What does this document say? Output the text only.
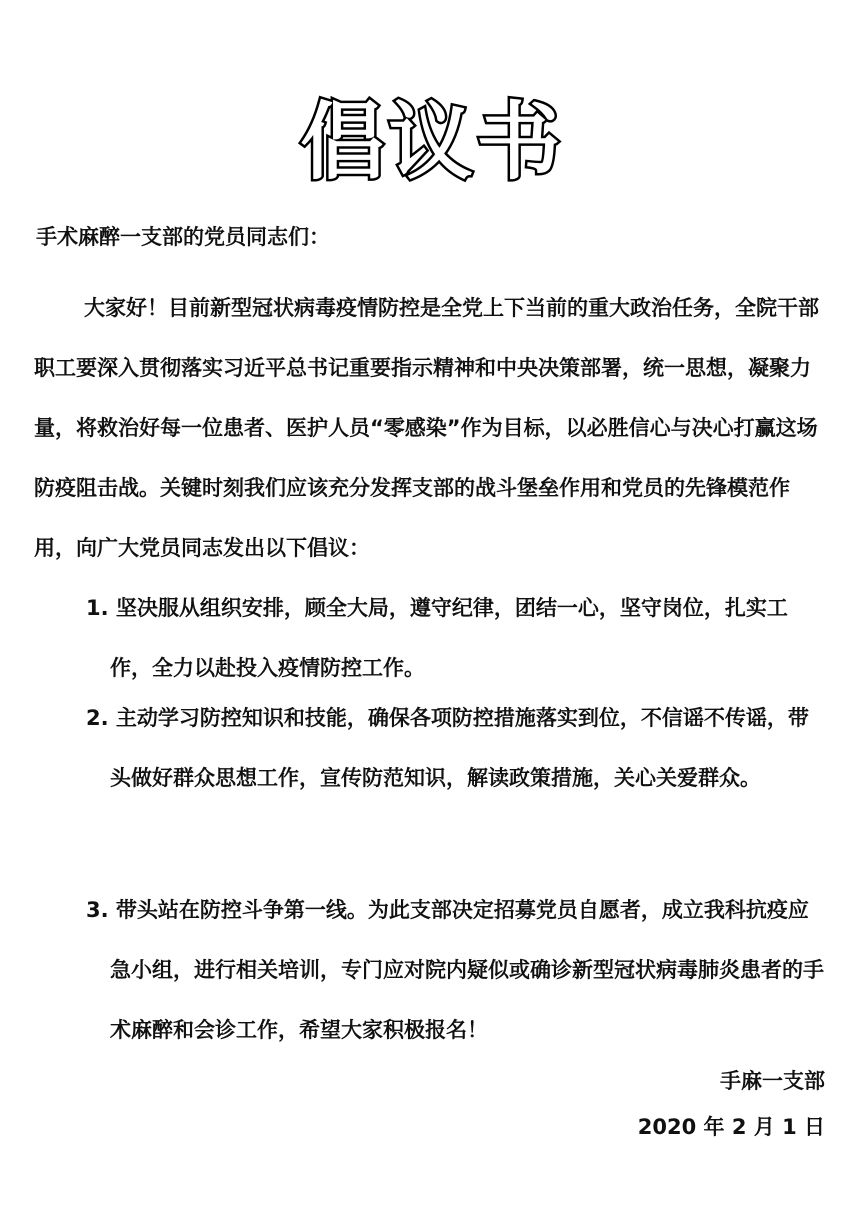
倡议书
手术麻醉一支部的党员同志们：

大家好！目前新型冠状病毒疫情防控是全党上下当前的重大政治任务，全院干部职工要深入贯彻落实习近平总书记重要指示精神和中央决策部署，统一思想，凝聚力量，将救治好每一位患者、医护人员“零感染”作为目标，以必胜信心与决心打赢这场防疫阻击战。关键时刻我们应该充分发挥支部的战斗堡垒作用和党员的先锋模范作用，向广大党员同志发出以下倡议：

1. 坚决服从组织安排，顾全大局，遵守纪律，团结一心，坚守岗位，扎实工作，全力以赴投入疫情防控工作。

2. 主动学习防控知识和技能，确保各项防控措施落实到位，不信谣不传谣，带头做好群众思想工作，宣传防范知识，解读政策措施，关心关爱群众。

3. 带头站在防控斗争第一线。为此支部决定招募党员自愿者，成立我科抗疫应急小组，进行相关培训，专门应对院内疑似或确诊新型冠状病毒肺炎患者的手术麻醉和会诊工作，希望大家积极报名！

手麻一支部
2020 年 2 月 1 日
